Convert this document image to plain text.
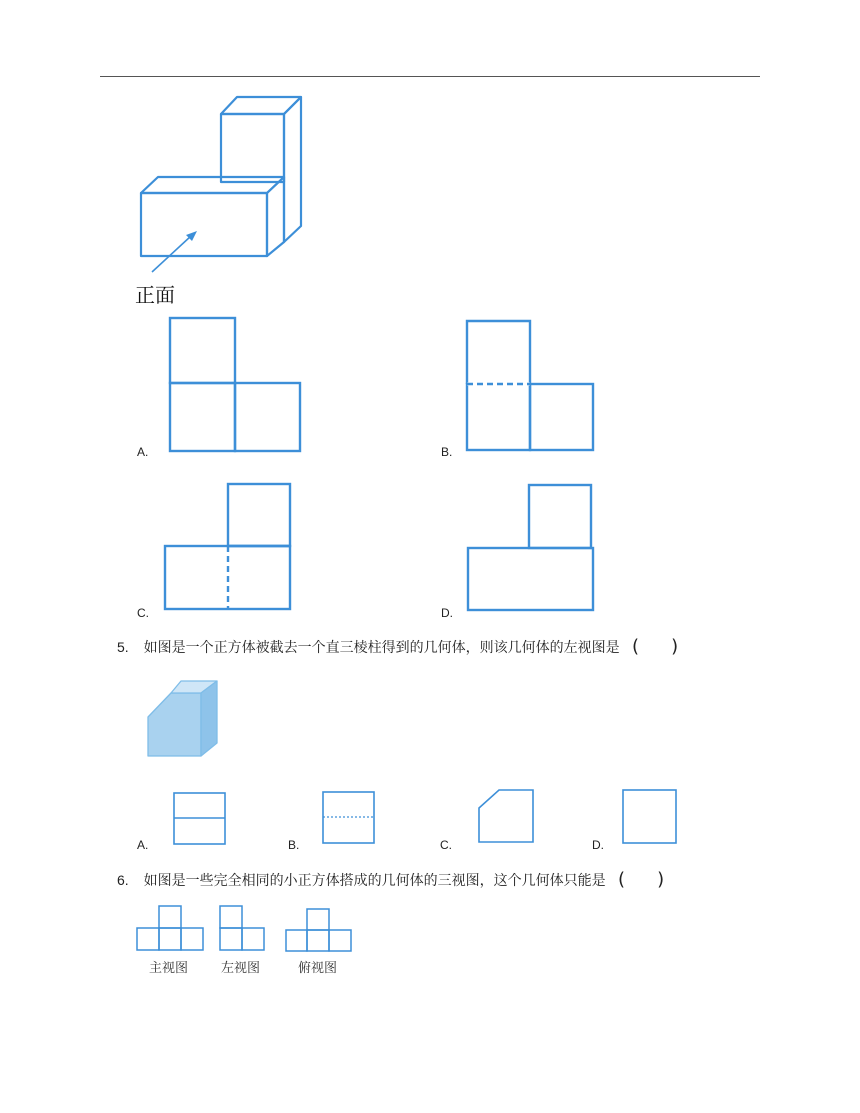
正面
A.	B.
C.	D.
5. 如图是一个正方体被截去一个直三棱柱得到的几何体，则该几何体的左视图是 ( )
A.	B.	C.	D.
6. 如图是一些完全相同的小正方体搭成的几何体的三视图，这个几何体只能是 ( )
主视图	左视图	俯视图
